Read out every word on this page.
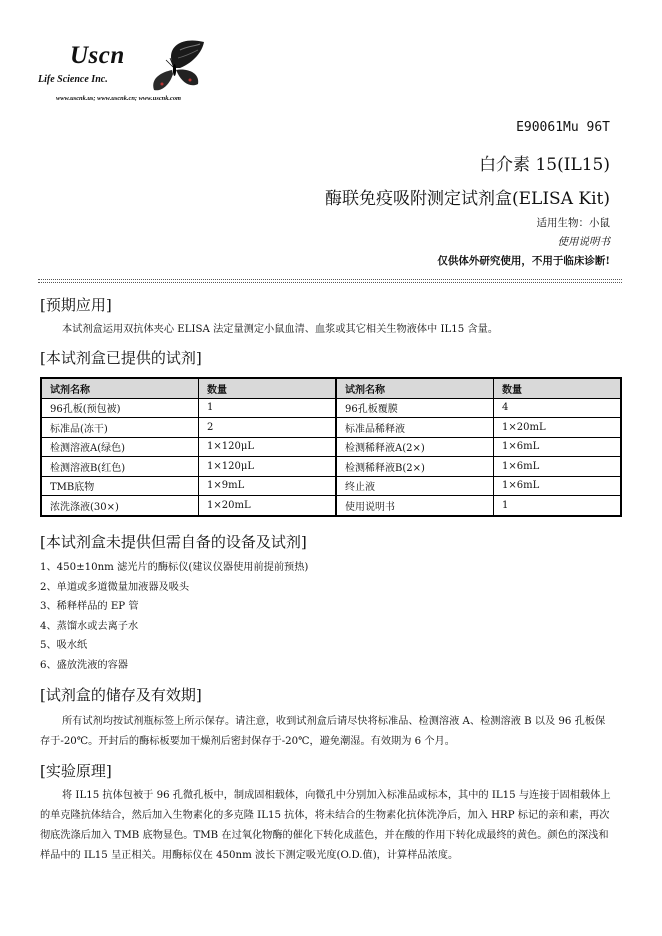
Uscn
Life Science Inc.
www.uscnk.us; www.uscnk.cn; www.uscnk.com
E90061Mu 96T
白介素 15(IL15)
酶联免疫吸附测定试剂盒(ELISA Kit)
适用生物：小鼠
使用说明书
仅供体外研究使用，不用于临床诊断!
[预期应用]
本试剂盒运用双抗体夹心 ELISA 法定量测定小鼠血清、血浆或其它相关生物液体中 IL15 含量。
[本试剂盒已提供的试剂]
试剂名称	数量	试剂名称	数量
96孔板(预包被)	1	96孔板覆膜	4
标准品(冻干)	2	标准品稀释液	1×20mL
检测溶液A(绿色)	1×120μL	检测稀释液A(2×)	1×6mL
检测溶液B(红色)	1×120μL	检测稀释液B(2×)	1×6mL
TMB底物	1×9mL	终止液	1×6mL
浓洗涤液(30×)	1×20mL	使用说明书	1
[本试剂盒未提供但需自备的设备及试剂]
1、450±10nm 滤光片的酶标仪(建议仪器使用前提前预热)
2、单道或多道微量加液器及吸头
3、稀释样品的 EP 管
4、蒸馏水或去离子水
5、吸水纸
6、盛放洗液的容器
[试剂盒的储存及有效期]
所有试剂均按试剂瓶标签上所示保存。请注意，收到试剂盒后请尽快将标准品、检测溶液 A、检测溶液 B 以及 96 孔板保存于-20℃。开封后的酶标板要加干燥剂后密封保存于-20℃，避免潮湿。有效期为 6 个月。
[实验原理]
将 IL15 抗体包被于 96 孔微孔板中，制成固相载体，向微孔中分别加入标准品或标本，其中的 IL15 与连接于固相载体上的单克隆抗体结合，然后加入生物素化的多克隆 IL15 抗体，将未结合的生物素化抗体洗净后，加入 HRP 标记的亲和素，再次彻底洗涤后加入 TMB 底物显色。TMB 在过氧化物酶的催化下转化成蓝色，并在酸的作用下转化成最终的黄色。颜色的深浅和样品中的 IL15 呈正相关。用酶标仪在 450nm 波长下测定吸光度(O.D.值)，计算样品浓度。
